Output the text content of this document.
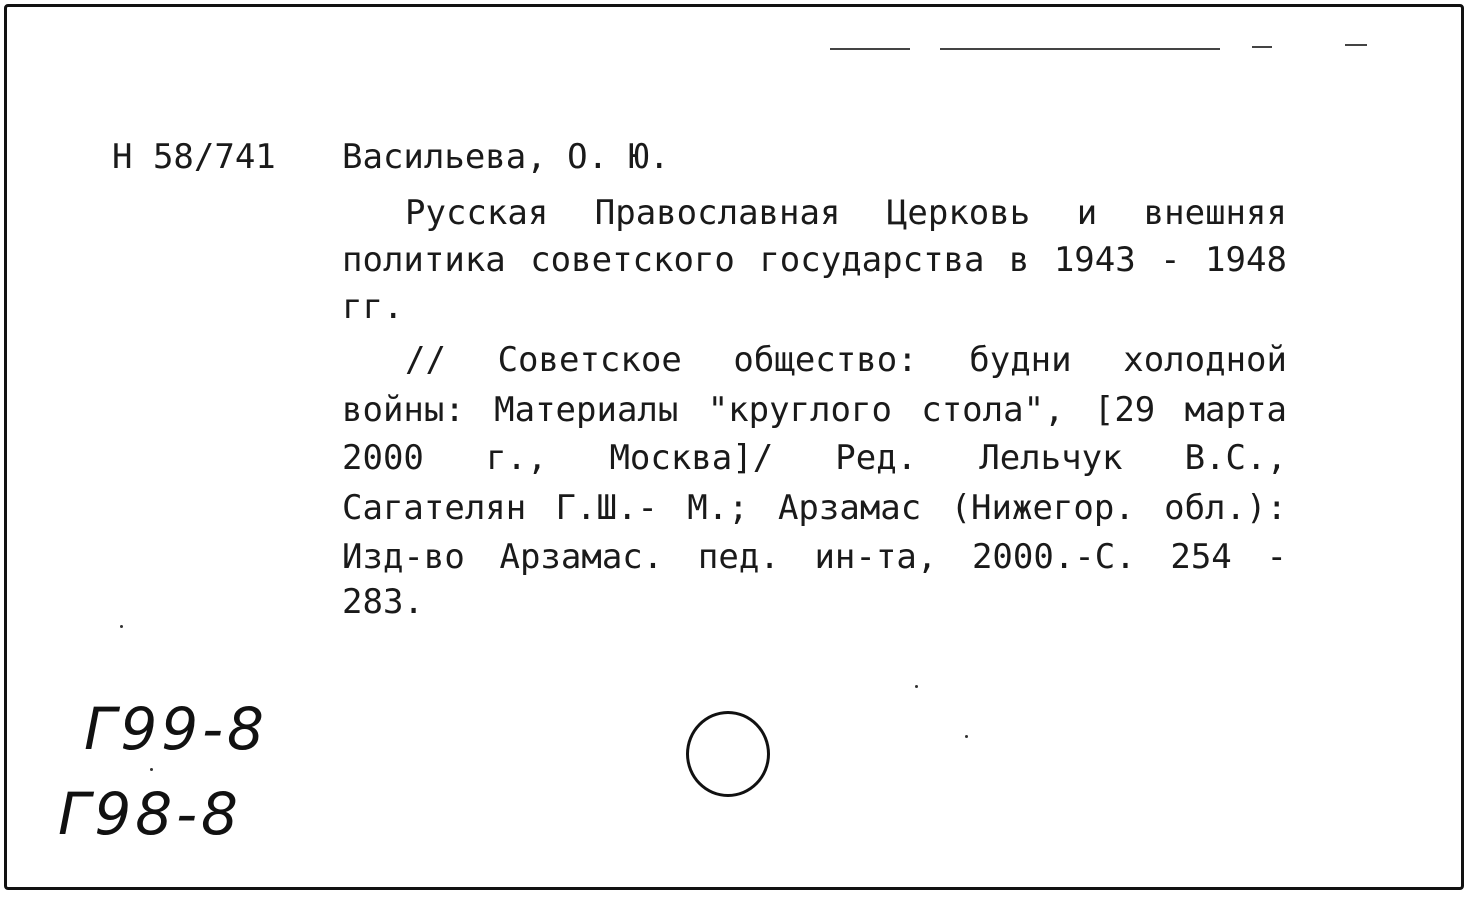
Н 58/741 Васильева, О. Ю.
Русская Православная Церковь и внешняя
политика советского государства в 1943 - 1948
гг.
// Советское общество: будни холодной
войны: Материалы "круглого стола", [29 марта
2000 г., Москва]/ Ред. Лельчук В.С.,
Сагателян Г.Ш.- М.; Арзамас (Нижегор. обл.):
Изд-во Арзамас. пед. ин-та, 2000.-С. 254 -
283.
Г99-8
Г98-8
